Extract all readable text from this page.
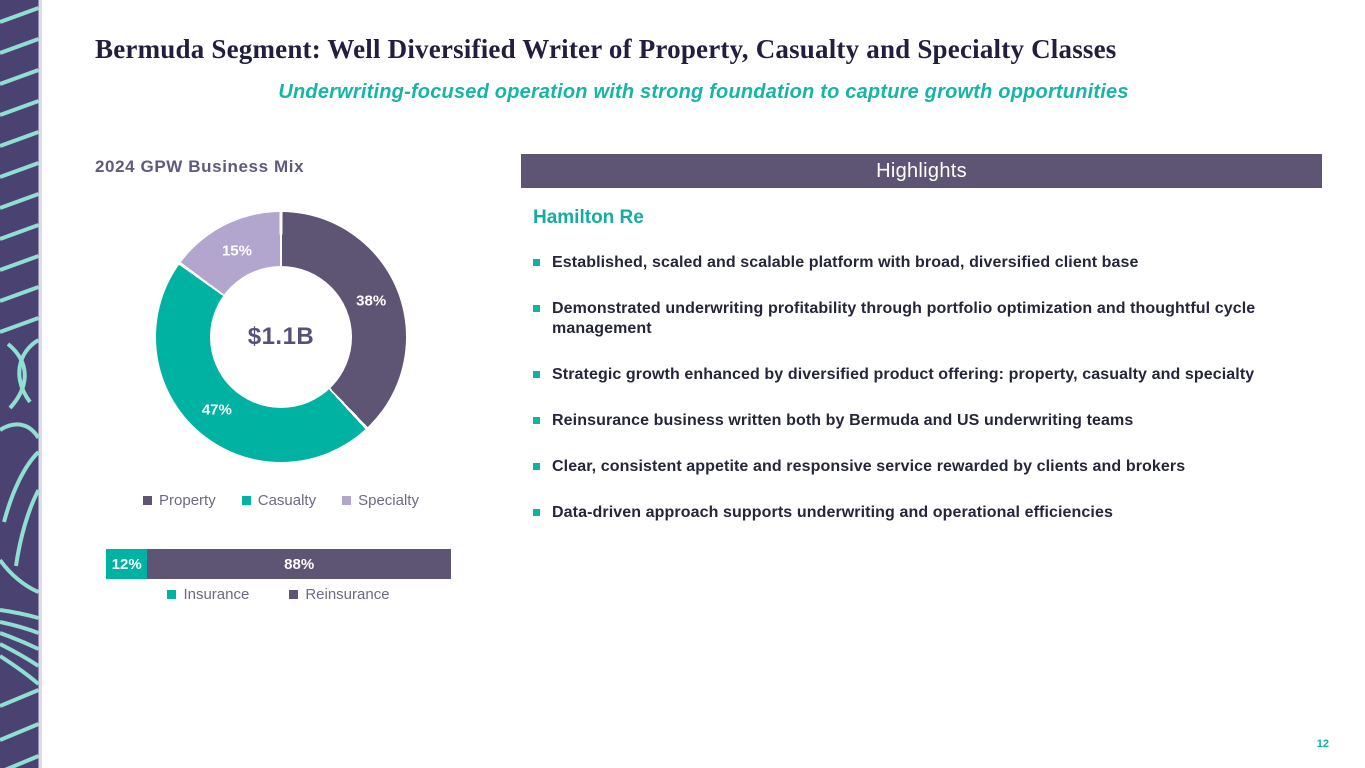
Bermuda Segment: Well Diversified Writer of Property, Casualty and Specialty Classes
Underwriting-focused operation with strong foundation to capture growth opportunities
2024 GPW Business Mix
$1.1B
38%
47%
15%
Property	Casualty	Specialty
12%	88%
Insurance	Reinsurance
Highlights
Hamilton Re
Established, scaled and scalable platform with broad, diversified client base
Demonstrated underwriting profitability through portfolio optimization and thoughtful cycle management
Strategic growth enhanced by diversified product offering: property, casualty and specialty
Reinsurance business written both by Bermuda and US underwriting teams
Clear, consistent appetite and responsive service rewarded by clients and brokers
Data-driven approach supports underwriting and operational efficiencies
12
